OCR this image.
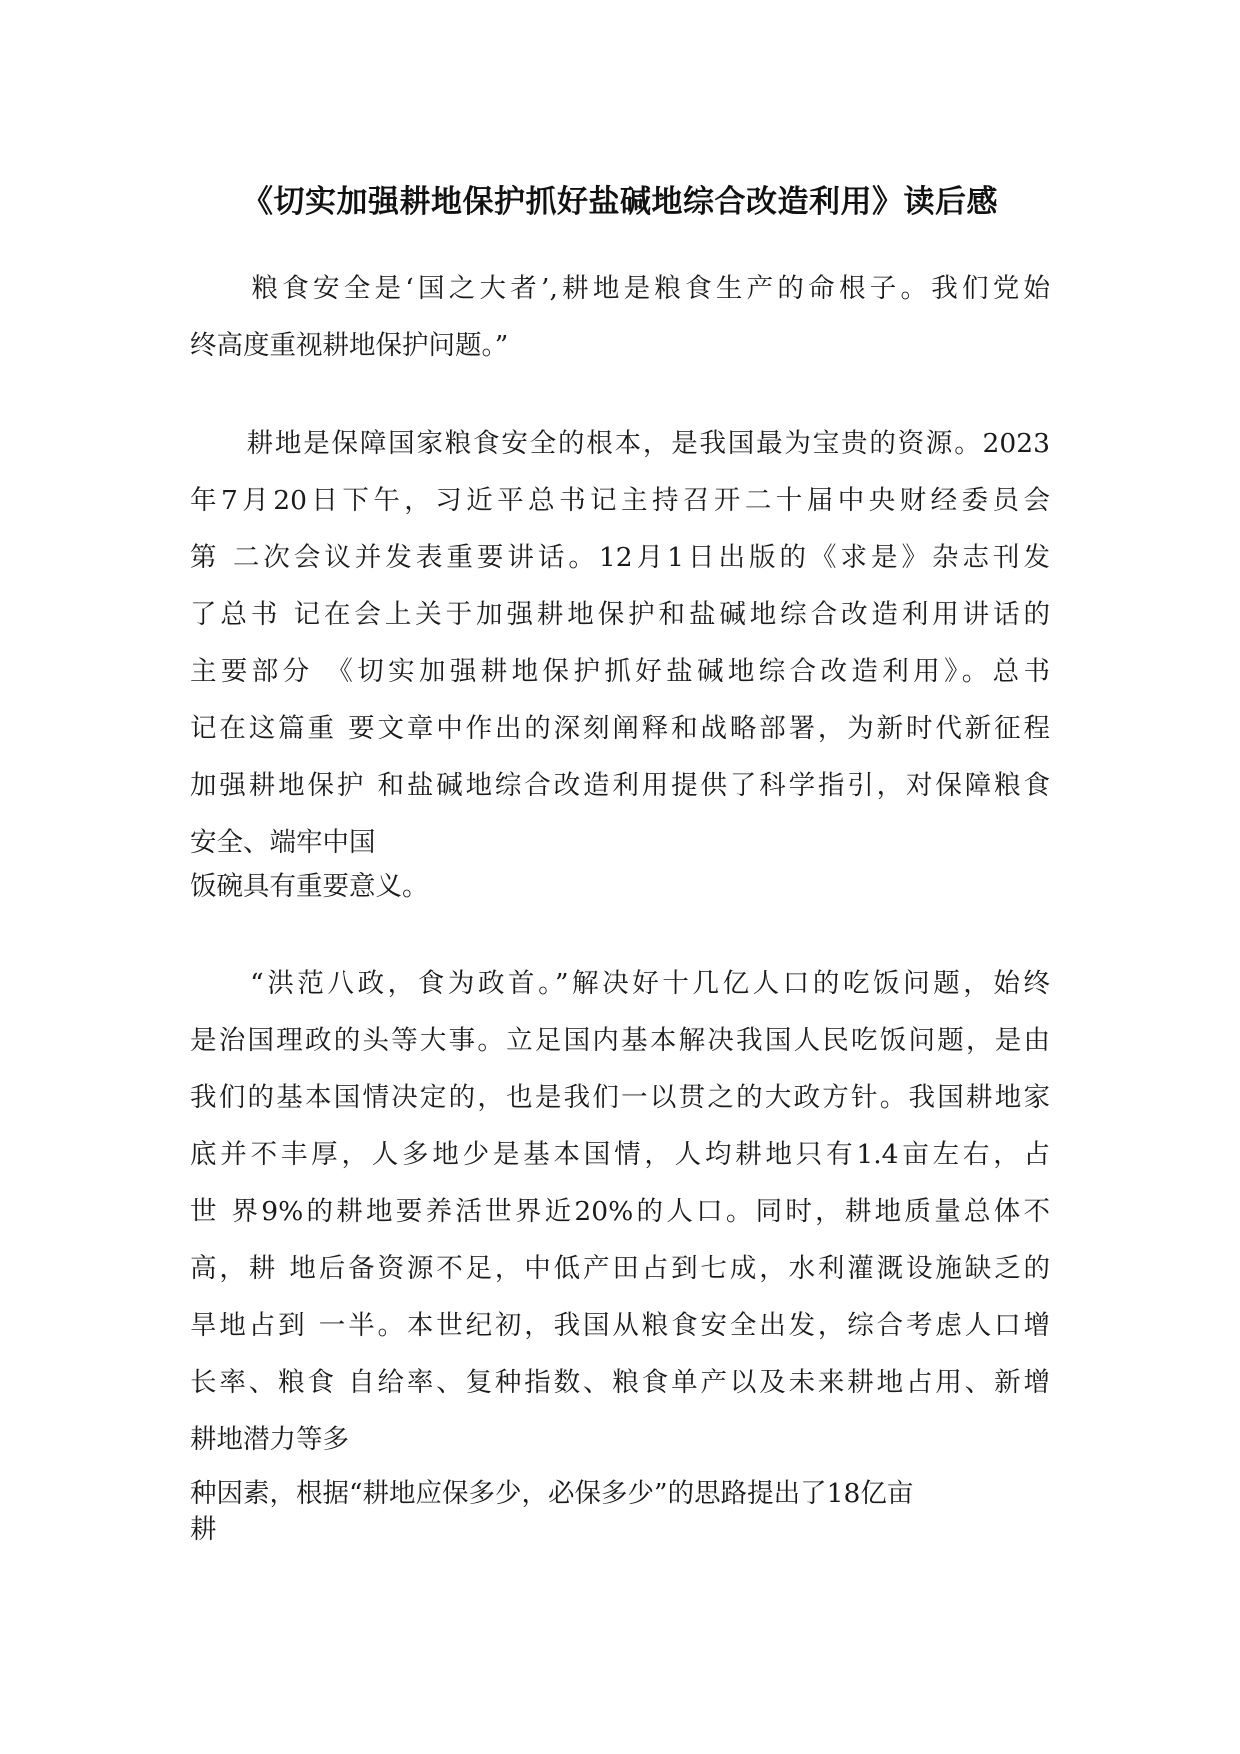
《切实加强耕地保护抓好盐碱地综合改造利用》读后感
　　粮食安全是‘国之大者’,耕地是粮食生产的命根子。我们党始
终高度重视耕地保护问题。”
　　耕地是保障国家粮食安全的根本，是我国最为宝贵的资源。2023
年7月20日下午，习近平总书记主持召开二十届中央财经委员会
第 二次会议并发表重要讲话。12月1日出版的《求是》杂志刊发
了总书 记在会上关于加强耕地保护和盐碱地综合改造利用讲话的
主要部分 《切实加强耕地保护抓好盐碱地综合改造利用》。总书
记在这篇重 要文章中作出的深刻阐释和战略部署，为新时代新征程
加强耕地保护 和盐碱地综合改造利用提供了科学指引，对保障粮食
安全、端牢中国
饭碗具有重要意义。
　　“洪范八政，食为政首。”解决好十几亿人口的吃饭问题，始终
是治国理政的头等大事。立足国内基本解决我国人民吃饭问题，是由
我们的基本国情决定的，也是我们一以贯之的大政方针。我国耕地家
底并不丰厚，人多地少是基本国情，人均耕地只有1.4亩左右，占
世 界9%的耕地要养活世界近20%的人口。同时，耕地质量总体不
高，耕 地后备资源不足，中低产田占到七成，水利灌溉设施缺乏的
旱地占到 一半。本世纪初，我国从粮食安全出发，综合考虑人口增
长率、粮食 自给率、复种指数、粮食单产以及未来耕地占用、新增
耕地潜力等多
种因素，根据“耕地应保多少，必保多少”的思路提出了18亿亩
耕
